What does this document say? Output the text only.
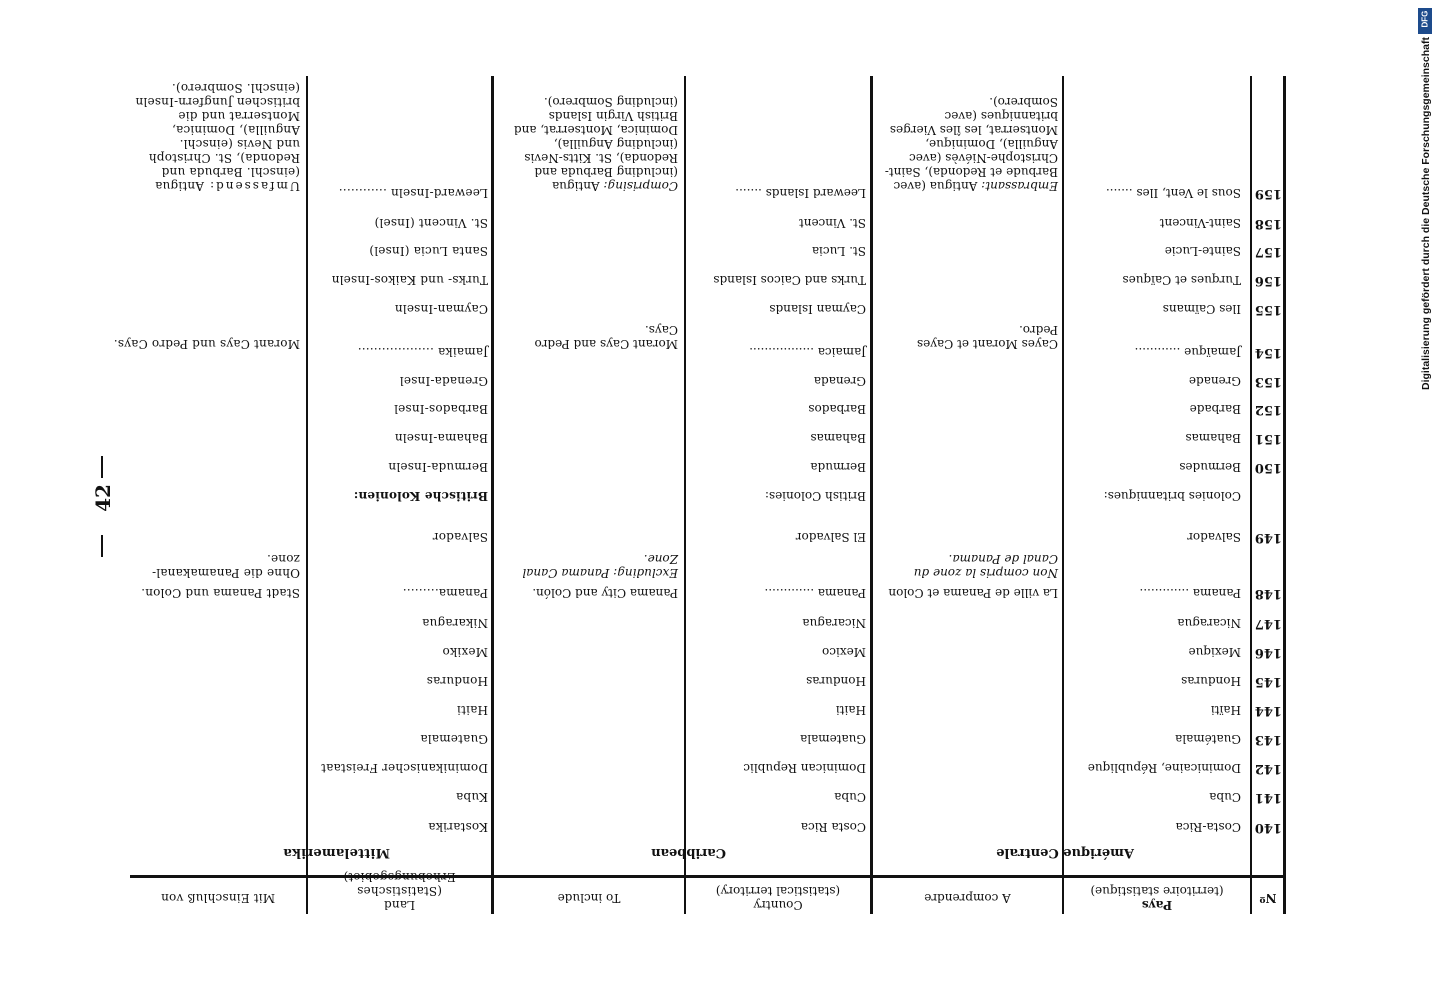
Nº
Pays
(territoire statistique)
A comprendre
Country
(statistical territory)
To include
Land
(Statistisches Erhebungsgebiet)
Mit Einschluß von
Amérique Centrale
Caribbean
Mittelamerika
140
Costa-Rica
Costa Rica
Kostarika
141
Cuba
Cuba
Kuba
142
Dominicaine, République
Dominican Republic
Dominikanischer Freistaat
143
Guatémala
Guatemala
Guatemala
144
Haïti
Haiti
Haiti
145
Honduras
Honduras
Honduras
146
Mexique
Mexico
Mexiko
147
Nicaragua
Nicaragua
Nikaragua
148
Panama .............
La ville de Panama et Colon
Panama .............
Panama City and Colón.
Panama.........
Stadt Panama und Colon.
Non compris la zone du Canal de Panama.
Excluding: Panama Canal Zone.
Ohne die Panamakanal-zone.
149
Salvador
El Salvador
Salvador
Colonies britanniques:
British Colonies:
Britische Kolonien:
150
Bermudes
Bermuda
Bermuda-Inseln
151
Bahamas
Bahamas
Bahama-Inseln
152
Barbade
Barbados
Barbados-Insel
153
Grenade
Grenada
Grenada-Insel
154
Jamaïque ............
Jamaica .................
Jamaika ...................
155
Iles Caïmans
Cayman Islands
Cayman-Inseln
156
Turques et Caïques
Turks and Caicos Islands
Turks- und Kaikos-Inseln
157
Sainte-Lucie
St. Lucia
Santa Lucia (Insel)
158
Saint-Vincent
St. Vincent
St. Vincent (Insel)
159
Sous le Vent, Iles .......
Leeward Islands .......
Leeward-Inseln ............
Cayes Morant et Cayes Pedro.
Morant Cays and Pedro Cays.
Morant Cays und Pedro Cays.
Embrassant: Antigua (avec Barbude et Redonda), Saint-Christophe-Niévès (avec Anguilla), Dominique, Montserrat, les îles Vierges britanniques (avec Sombrero).
Comprising: Antigua (including Barbuda and Redonda), St. Kitts-Nevis (including Anguilla), Dominica, Montserrat, and British Virgin Islands (including Sombrero).
Umfassend: Antigua (einschl. Barbuda und Redonda), St. Christoph und Nevis (einschl. Anguilla), Dominica, Montserrat und die britischen Jungfern-Inseln (einschl. Sombrero).
42
DFG
Digitalisierung gefördert durch die Deutsche Forschungsgemeinschaft
